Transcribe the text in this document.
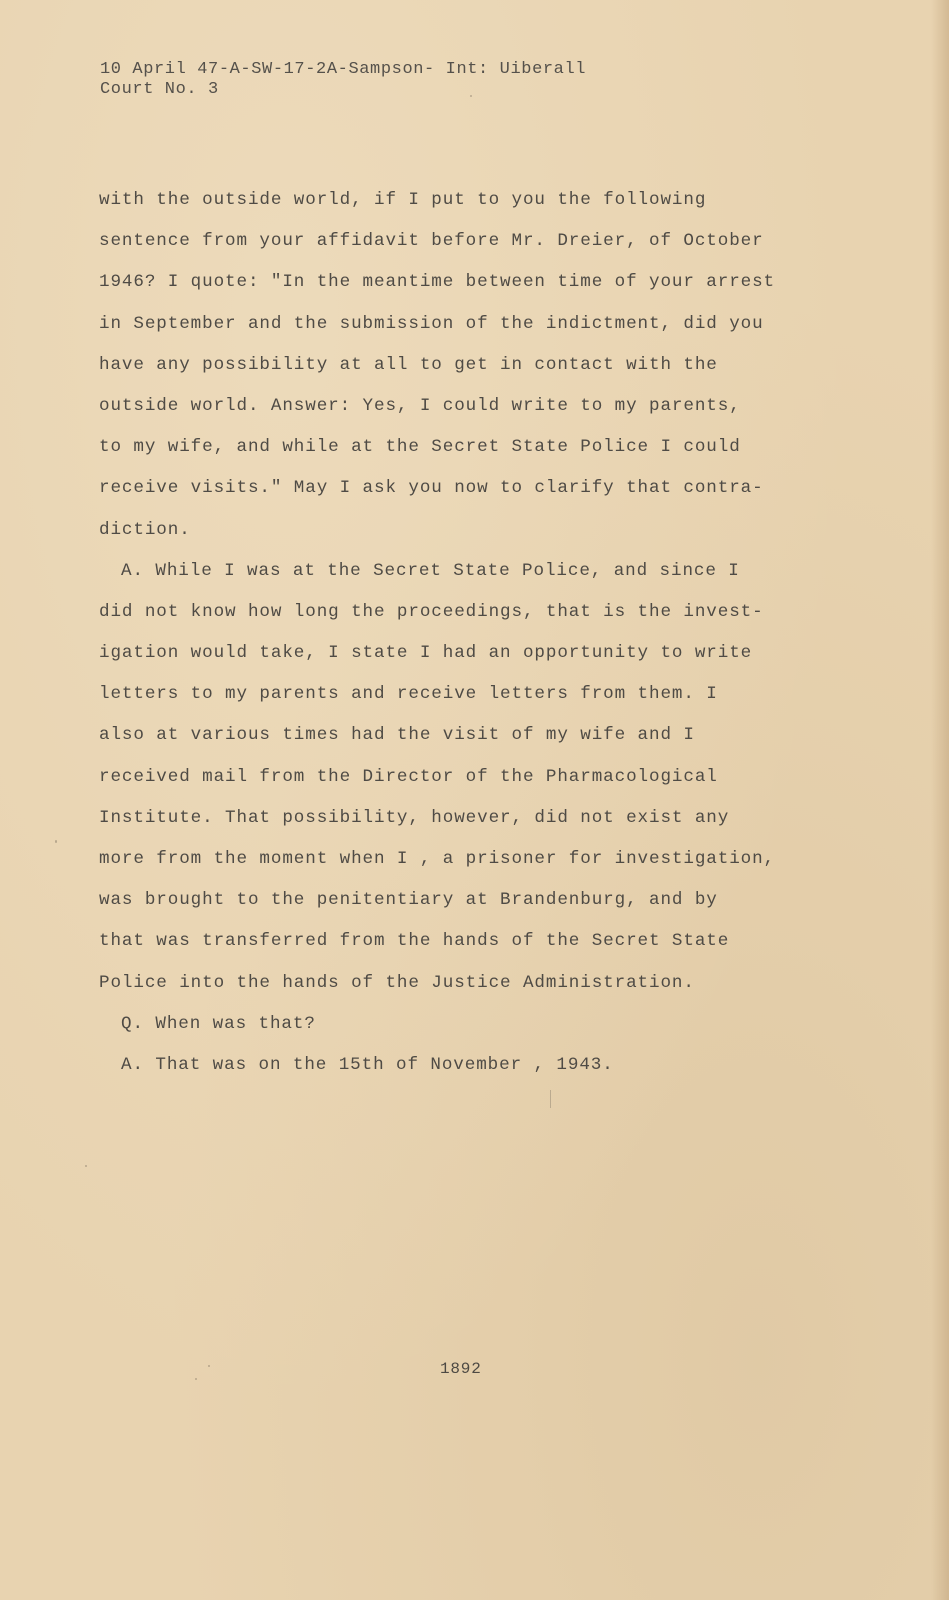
10 April 47-A-SW-17-2A-Sampson- Int: Uiberall
Court No. 3
with the outside world, if I put to you the following
sentence from your affidavit before Mr. Dreier, of October
1946? I quote: "In the meantime between time of your arrest
in September and the submission of the indictment, did you
have any possibility at all to get in contact with the
outside world. Answer: Yes, I could write to my parents,
to my wife, and while at the Secret State Police I could
receive visits." May I ask you now to clarify that contra-
diction.
A. While I was at the Secret State Police, and since I
did not know how long the proceedings, that is the invest-
igation would take, I state I had an opportunity to write
letters to my parents and receive letters from them. I
also at various times had the visit of my wife and I
received mail from the Director of the Pharmacological
Institute. That possibility, however, did not exist any
more from the moment when I , a prisoner for investigation,
was brought to the penitentiary at Brandenburg, and by
that was transferred from the hands of the Secret State
Police into the hands of the Justice Administration.
Q. When was that?
A. That was on the 15th of November , 1943.
1892
